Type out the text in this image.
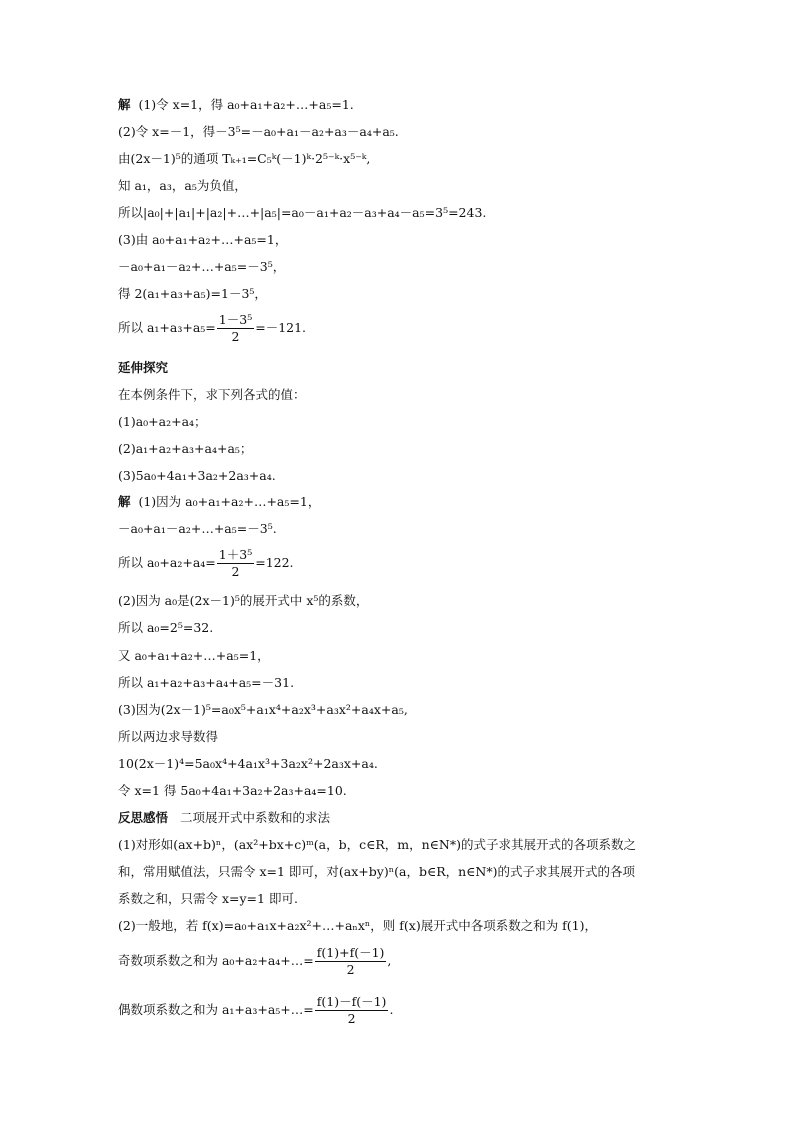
解 (1)令 x=1，得 a₀+a₁+a₂+…+a₅=1.
(2)令 x=－1，得－3⁵=－a₀+a₁－a₂+a₃－a₄+a₅.
由(2x－1)⁵的通项 Tₖ₊₁=C₅ᵏ(－1)ᵏ·2⁵⁻ᵏ·x⁵⁻ᵏ,
知 a₁，a₃，a₅为负值，
所以|a₀|+|a₁|+|a₂|+…+|a₅|=a₀－a₁+a₂－a₃+a₄－a₅=3⁵=243.
(3)由 a₀+a₁+a₂+…+a₅=1，
－a₀+a₁－a₂+…+a₅=－3⁵，
得 2(a₁+a₃+a₅)=1－3⁵，
所以 $a_1+a_3+a_5= \frac{\text{1－3⁵}}{2} =-121$.
延伸探究
在本例条件下，求下列各式的值：
(1)a₀+a₂+a₄；
(2)a₁+a₂+a₃+a₄+a₅；
(3)5a₀+4a₁+3a₂+2a₃+a₄.
解 (1)因为 a₀+a₁+a₂+…+a₅=1，
－a₀+a₁－a₂+…+a₅=－3⁵.
所以 $a_0+a_2+a_4= \frac{\text{1＋3⁵}}{2} =122$.
(2)因为 a₀是(2x－1)⁵的展开式中 x⁵的系数，
所以 a₀=2⁵=32.
又 a₀+a₁+a₂+…+a₅=1，
所以 a₁+a₂+a₃+a₄+a₅=－31.
(3)因为(2x－1)⁵=a₀x⁵+a₁x⁴+a₂x³+a₃x²+a₄x+a₅,
所以两边求导数得
10(2x－1)⁴=5a₀x⁴+4a₁x³+3a₂x²+2a₃x+a₄.
令 x=1 得 5a₀+4a₁+3a₂+2a₃+a₄=10.
反思感悟 二项展开式中系数和的求法
(1)对形如(ax+b)ⁿ，(ax²+bx+c)ᵐ(a，b，c∈R，m，n∈N*)的式子求其展开式的各项系数之
和，常用赋值法，只需令 x=1 即可，对(ax+by)ⁿ(a，b∈R，n∈N*)的式子求其展开式的各项
系数之和，只需令 x=y=1 即可.
(2)一般地，若 f(x)=a₀+a₁x+a₂x²+…+aₙxⁿ，则 f(x)展开式中各项系数之和为 f(1)，
奇数项系数之和为 a₀+a₂+a₄+…= $\frac{f(1)+f(-1)}{2}$ ,
偶数项系数之和为 a₁+a₃+a₅+…= $\frac{f(1)-f(-1)}{2}$ .
